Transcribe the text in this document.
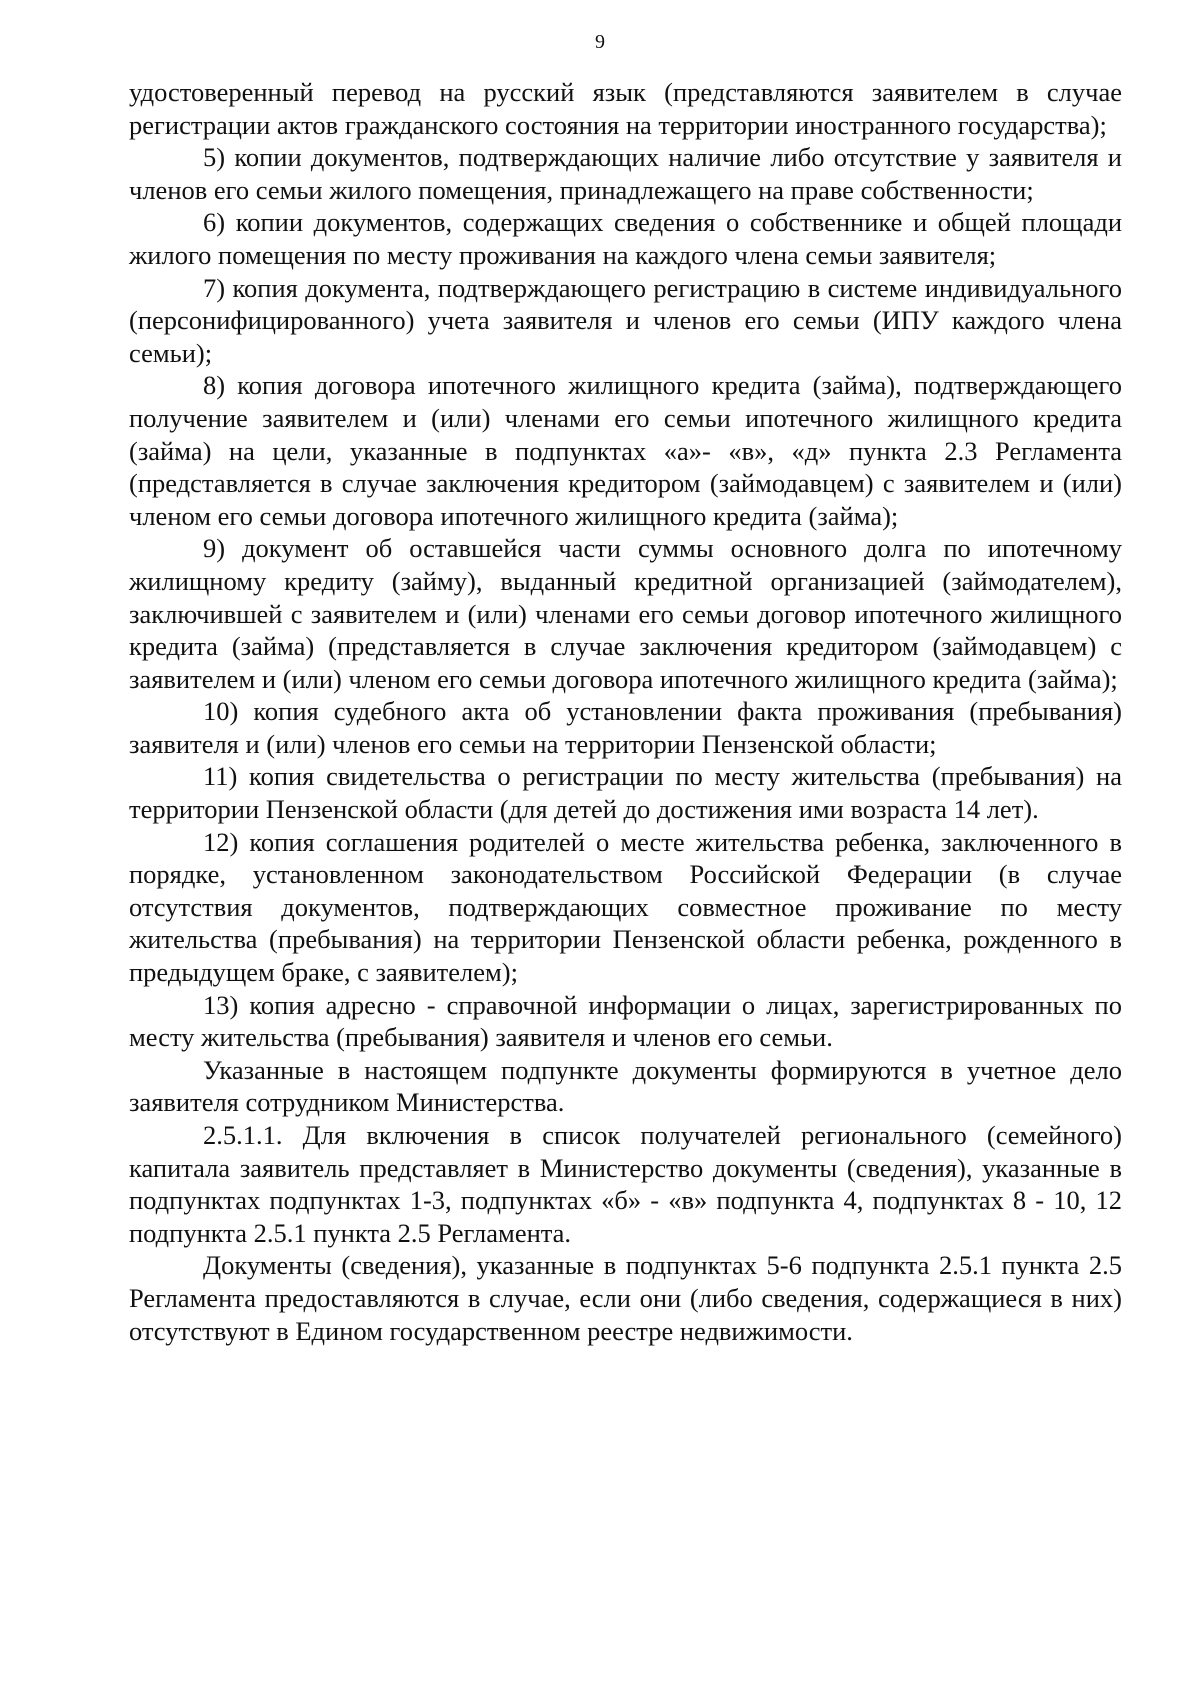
9

удостоверенный перевод на русский язык (представляются заявителем в случае регистрации актов гражданского состояния на территории иностранного государства);

5) копии документов, подтверждающих наличие либо отсутствие у заявителя и членов его семьи жилого помещения, принадлежащего на праве собственности;

6) копии документов, содержащих сведения о собственнике и общей площади жилого помещения по месту проживания на каждого члена семьи заявителя;

7) копия документа, подтверждающего регистрацию в системе индивидуального (персонифицированного) учета заявителя и членов его семьи (ИПУ каждого члена семьи);

8) копия договора ипотечного жилищного кредита (займа), подтверждающего получение заявителем и (или) членами его семьи ипотечного жилищного кредита (займа) на цели, указанные в подпунктах «а»- «в», «д» пункта 2.3 Регламента (представляется в случае заключения кредитором (займодавцем) с заявителем и (или) членом его семьи договора ипотечного жилищного кредита (займа);

9) документ об оставшейся части суммы основного долга по ипотечному жилищному кредиту (займу), выданный кредитной организацией (займодателем), заключившей с заявителем и (или) членами его семьи договор ипотечного жилищного кредита (займа) (представляется в случае заключения кредитором (займодавцем) с заявителем и (или) членом его семьи договора ипотечного жилищного кредита (займа);

10) копия судебного акта об установлении факта проживания (пребывания) заявителя и (или) членов его семьи на территории Пензенской области;

11) копия свидетельства о регистрации по месту жительства (пребывания) на территории Пензенской области (для детей до достижения ими возраста 14 лет).

12) копия соглашения родителей о месте жительства ребенка, заключенного в порядке, установленном законодательством Российской Федерации (в случае отсутствия документов, подтверждающих совместное проживание по месту жительства (пребывания) на территории Пензенской области ребенка, рожденного в предыдущем браке, с заявителем);

13) копия адресно - справочной информации о лицах, зарегистрированных по месту жительства (пребывания) заявителя и членов его семьи.

Указанные в настоящем подпункте документы формируются в учетное дело заявителя сотрудником Министерства.

2.5.1.1. Для включения в список получателей регионального (семейного) капитала заявитель представляет в Министерство документы (сведения), указанные в подпунктах подпунктах 1-3, подпунктах «б» - «в» подпункта 4, подпунктах 8 - 10, 12 подпункта 2.5.1 пункта 2.5 Регламента.

Документы (сведения), указанные в подпунктах 5-6 подпункта 2.5.1 пункта 2.5 Регламента предоставляются в случае, если они (либо сведения, содержащиеся в них) отсутствуют в Едином государственном реестре недвижимости.
